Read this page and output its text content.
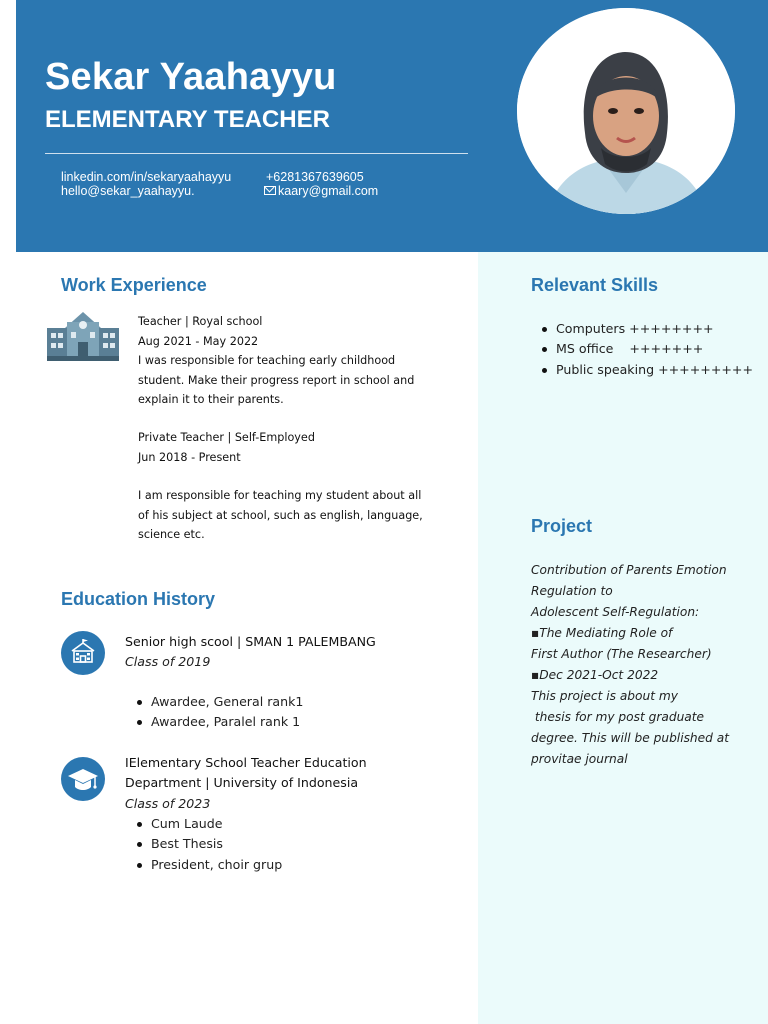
Sekar Yaahayyu
ELEMENTARY TEACHER
linkedin.com/in/sekaryaahayyu
hello@sekar_yaahayyu.
+6281367639605
kaary@gmail.com
Work Experience
Teacher | Royal school
Aug 2021 - May 2022
I was responsible for teaching early childhood
student. Make their progress report in school and
explain it to their parents.
Private Teacher | Self-Employed
Jun 2018 - Present
I am responsible for teaching my student about all
of his subject at school, such as english, language,
science etc.
Education History
Senior high scool | SMAN 1 PALEMBANG
Class of 2019
Awardee, General rank1
Awardee, Paralel rank 1
IElementary School Teacher Education
Department | University of Indonesia
Class of 2023
Cum Laude
Best Thesis
President, choir grup
Relevant Skills
Computers ++++++++
MS office    +++++++
Public speaking +++++++++
Project
Contribution of Parents Emotion
Regulation to
Adolescent Self-Regulation:
▪The Mediating Role of
First Author (The Researcher)
▪Dec 2021-Oct 2022
This project is about my
thesis for my post graduate
degree. This will be published at
provitae journal
